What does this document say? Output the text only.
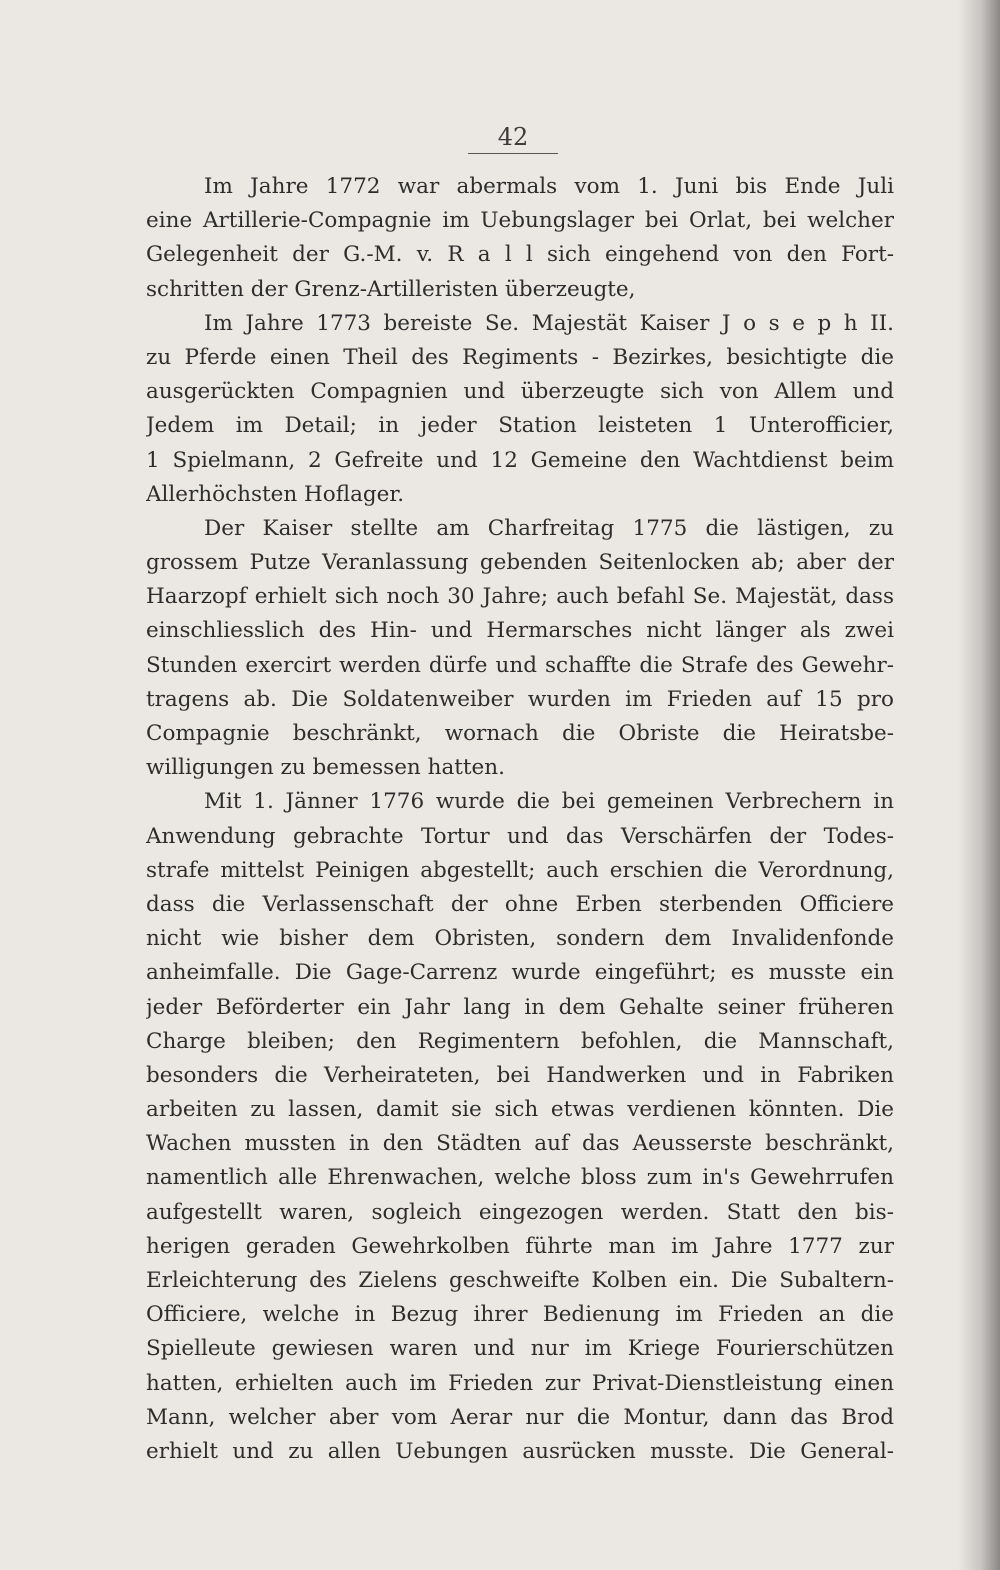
42
Im Jahre 1772 war abermals vom 1. Juni bis Ende Juli
eine Artillerie-Compagnie im Uebungslager bei Orlat, bei welcher
Gelegenheit der G.-M. v. R a l l sich eingehend von den Fort-
schritten der Grenz-Artilleristen überzeugte,
Im Jahre 1773 bereiste Se. Majestät Kaiser J o s e p h II.
zu Pferde einen Theil des Regiments - Bezirkes, besichtigte die
ausgerückten Compagnien und überzeugte sich von Allem und
Jedem im Detail; in jeder Station leisteten 1 Unterofficier,
1 Spielmann, 2 Gefreite und 12 Gemeine den Wachtdienst beim
Allerhöchsten Hoflager.
Der Kaiser stellte am Charfreitag 1775 die lästigen, zu
grossem Putze Veranlassung gebenden Seitenlocken ab; aber der
Haarzopf erhielt sich noch 30 Jahre; auch befahl Se. Majestät, dass
einschliesslich des Hin- und Hermarsches nicht länger als zwei
Stunden exercirt werden dürfe und schaffte die Strafe des Gewehr-
tragens ab. Die Soldatenweiber wurden im Frieden auf 15 pro
Compagnie beschränkt, wornach die Obriste die Heiratsbe-
willigungen zu bemessen hatten.
Mit 1. Jänner 1776 wurde die bei gemeinen Verbrechern in
Anwendung gebrachte Tortur und das Verschärfen der Todes-
strafe mittelst Peinigen abgestellt; auch erschien die Verordnung,
dass die Verlassenschaft der ohne Erben sterbenden Officiere
nicht wie bisher dem Obristen, sondern dem Invalidenfonde
anheimfalle. Die Gage-Carrenz wurde eingeführt; es musste ein
jeder Beförderter ein Jahr lang in dem Gehalte seiner früheren
Charge bleiben; den Regimentern befohlen, die Mannschaft,
besonders die Verheirateten, bei Handwerken und in Fabriken
arbeiten zu lassen, damit sie sich etwas verdienen könnten. Die
Wachen mussten in den Städten auf das Aeusserste beschränkt,
namentlich alle Ehrenwachen, welche bloss zum in's Gewehrrufen
aufgestellt waren, sogleich eingezogen werden. Statt den bis-
herigen geraden Gewehrkolben führte man im Jahre 1777 zur
Erleichterung des Zielens geschweifte Kolben ein. Die Subaltern-
Officiere, welche in Bezug ihrer Bedienung im Frieden an die
Spielleute gewiesen waren und nur im Kriege Fourierschützen
hatten, erhielten auch im Frieden zur Privat-Dienstleistung einen
Mann, welcher aber vom Aerar nur die Montur, dann das Brod
erhielt und zu allen Uebungen ausrücken musste. Die General-
